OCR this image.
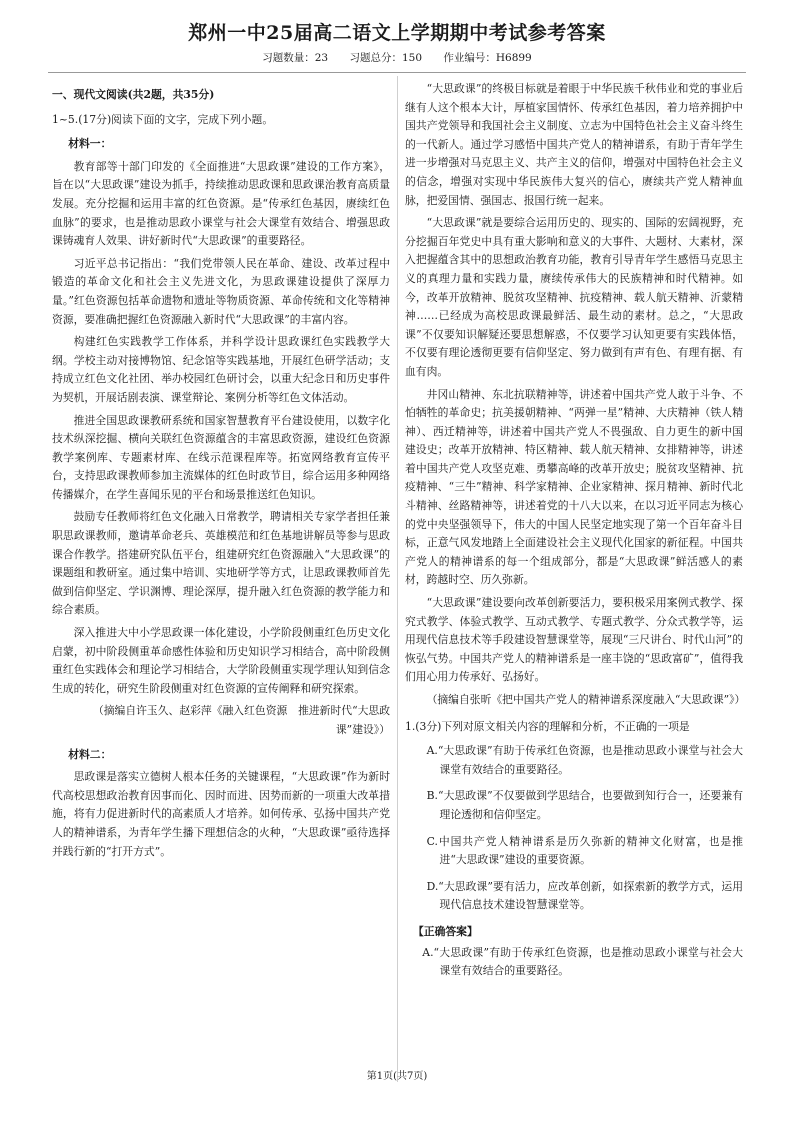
郑州一中25届高二语文上学期期中考试参考答案
习题数量：23 习题总分：150 作业编号：H6899

一、现代文阅读(共2题，共35分)

1~5.(17分)阅读下面的文字，完成下列小题。

材料一：

教育部等十部门印发的《全面推进“大思政课”建设的工作方案》，旨在以“大思政课”建设为抓手，持续推动思政课和思政课治教育高质量发展。充分挖掘和运用丰富的红色资源。是“传承红色基因，赓续红色血脉”的要求，也是推动思政小课堂与社会大课堂有效结合、增强思政课铸魂育人效果、讲好新时代“大思政课”的重要路径。

习近平总书记指出：“我们党带领人民在革命、建设、改革过程中锻造的革命文化和社会主义先进文化，为思政课建设提供了深厚力量。”红色资源包括革命遗物和遗址等物质资源、革命传统和文化等精神资源，要准确把握红色资源融入新时代“大思政课”的丰富内容。

构建红色实践教学工作体系，并科学设计思政课红色实践教学大纲。学校主动对接博物馆、纪念馆等实践基地，开展红色研学活动；支持成立红色文化社团、举办校园红色研讨会，以重大纪念日和历史事件为契机，开展话剧表演、课堂辩论、案例分析等红色文体活动。

推进全国思政课教研系统和国家智慧教育平台建设使用，以数字化技术纵深挖掘、横向关联红色资源蕴含的丰富思政资源，建设红色资源教学案例库、专题素材库、在线示范课程库等。拓宽网络教育宣传平台，支持思政课教师参加主流媒体的红色时政节目，综合运用多种网络传播媒介，在学生喜闻乐见的平台和场景推送红色知识。

鼓励专任教师将红色文化融入日常教学，聘请相关专家学者担任兼职思政课教师，邀请革命老兵、英雄模范和红色基地讲解员等参与思政课合作教学。搭建研究队伍平台，组建研究红色资源融入“大思政课”的课题组和教研室。通过集中培训、实地研学等方式，让思政课教师首先做到信仰坚定、学识渊博、理论深厚，提升融入红色资源的教学能力和综合素质。

深入推进大中小学思政课一体化建设，小学阶段侧重红色历史文化启蒙，初中阶段侧重革命感性体验和历史知识学习相结合，高中阶段侧重红色实践体会和理论学习相结合，大学阶段侧重实现学理认知到信念生成的转化，研究生阶段侧重对红色资源的宣传阐释和研究探索。

（摘编自许玉久、赵彩萍《融入红色资源　推进新时代“大思政课”建设》）

材料二：

思政课是落实立德树人根本任务的关键课程，“大思政课”作为新时代高校思想政治教育因事而化、因时而进、因势而新的一项重大改革措施，将有力促进新时代的高素质人才培养。如何传承、弘扬中国共产党人的精神谱系，为青年学生播下理想信念的火种，“大思政课”亟待选择并践行新的“打开方式”。

“大思政课”的终极目标就是着眼于中华民族千秋伟业和党的事业后继有人这个根本大计，厚植家国情怀、传承红色基因，着力培养拥护中国共产党领导和我国社会主义制度、立志为中国特色社会主义奋斗终生的一代新人。通过学习感悟中国共产党人的精神谱系，有助于青年学生进一步增强对马克思主义、共产主义的信仰，增强对中国特色社会主义的信念，增强对实现中华民族伟大复兴的信心，赓续共产党人精神血脉，把爱国情、强国志、报国行统一起来。

“大思政课”就是要综合运用历史的、现实的、国际的宏阔视野，充分挖掘百年党史中具有重大影响和意义的大事件、大题材、大素材，深入把握蕴含其中的思想政治教育功能，教育引导青年学生感悟马克思主义的真理力量和实践力量，赓续传承伟大的民族精神和时代精神。如今，改革开放精神、脱贫攻坚精神、抗疫精神、载人航天精神、沂蒙精神……已经成为高校思政课最鲜活、最生动的素材。总之，“大思政课”不仅要知识解疑还要思想解惑，不仅要学习认知更要有实践体悟，不仅要有理论透彻更要有信仰坚定、努力做到有声有色、有理有据、有血有肉。

井冈山精神、东北抗联精神等，讲述着中国共产党人敢于斗争、不怕牺牲的革命史；抗美援朝精神、“两弹一星”精神、大庆精神（铁人精神）、西迁精神等，讲述着中国共产党人不畏强敌、自力更生的新中国建设史；改革开放精神、特区精神、载人航天精神、女排精神等，讲述着中国共产党人攻坚克难、勇攀高峰的改革开放史；脱贫攻坚精神、抗疫精神、“三牛”精神、科学家精神、企业家精神、探月精神、新时代北斗精神、丝路精神等，讲述着党的十八大以来，在以习近平同志为核心的党中央坚强领导下，伟大的中国人民坚定地实现了第一个百年奋斗目标，正意气风发地踏上全面建设社会主义现代化国家的新征程。中国共产党人的精神谱系的每一个组成部分，都是“大思政课”鲜活感人的素材，跨越时空、历久弥新。

“大思政课”建设要向改革创新要活力，要积极采用案例式教学、探究式教学、体验式教学、互动式教学、专题式教学、分众式教学等，运用现代信息技术等手段建设智慧课堂等，展现“三尺讲台、时代山河”的恢弘气势。中国共产党人的精神谱系是一座丰饶的“思政富矿”，值得我们用心用力传承好、弘扬好。

（摘编自张昕《把中国共产党人的精神谱系深度融入“大思政课”》）

1.(3分)下列对原文相关内容的理解和分析，不正确的一项是

A.“大思政课”有助于传承红色资源，也是推动思政小课堂与社会大课堂有效结合的重要路径。

B.“大思政课”不仅要做到学思结合，也要做到知行合一，还要兼有理论透彻和信仰坚定。

C.中国共产党人精神谱系是历久弥新的精神文化财富，也是推进“大思政课”建设的重要资源。

D.“大思政课”要有活力，应改革创新，如探索新的教学方式，运用现代信息技术建设智慧课堂等。

【正确答案】

A.“大思政课”有助于传承红色资源，也是推动思政小课堂与社会大课堂有效结合的重要路径。

第1页(共7页)
